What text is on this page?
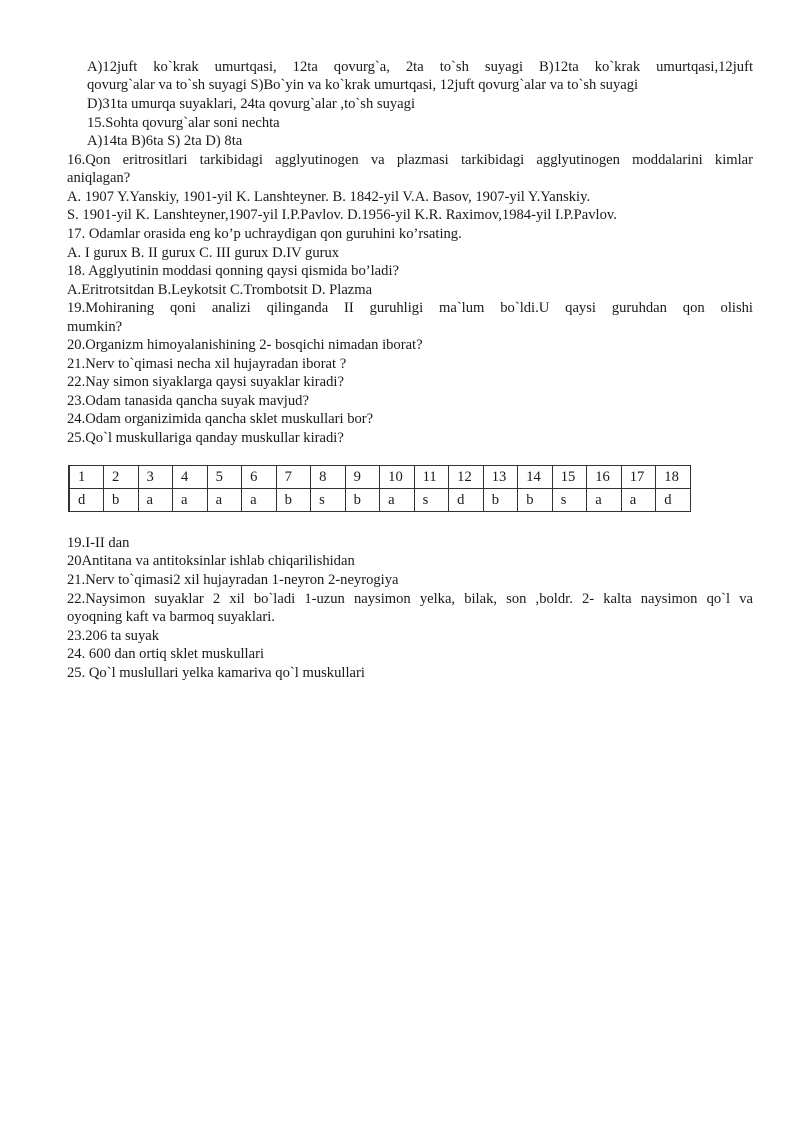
A)12juft ko`krak umurtqasi, 12ta qovurg`a, 2ta to`sh suyagi B)12ta ko`krak umurtqasi,12juft
qovurg`alar va to`sh suyagi S)Bo`yin va ko`krak umurtqasi, 12juft qovurg`alar va to`sh suyagi
D)31ta umurqa suyaklari, 24ta qovurg`alar ,to`sh suyagi
15.Sohta qovurg`alar soni nechta
A)14ta B)6ta S) 2ta D) 8ta
16.Qon eritrositlari tarkibidagi agglyutinogen va plazmasi tarkibidagi agglyutinogen moddalarini kimlar
aniqlagan?
A. 1907 Y.Yanskiy, 1901-yil K. Lanshteyner. B. 1842-yil V.A. Basov, 1907-yil Y.Yanskiy.
S. 1901-yil K. Lanshteyner,1907-yil I.P.Pavlov. D.1956-yil K.R. Raximov,1984-yil I.P.Pavlov.
17. Odamlar orasida eng ko’p uchraydigan qon guruhini ko’rsating.
A. I gurux B. II gurux C. III gurux D.IV gurux
18. Agglyutinin moddasi qonning qaysi qismida bo’ladi?
A.Eritrotsitdan B.Leykotsit C.Trombotsit D. Plazma
19.Mohiraning qoni analizi qilinganda II guruhligi ma`lum bo`ldi.U qaysi guruhdan qon olishi
mumkin?
20.Organizm himoyalanishining 2- bosqichi nimadan iborat?
21.Nerv to`qimasi necha xil hujayradan iborat ?
22.Nay simon siyaklarga qaysi suyaklar kiradi?
23.Odam tanasida qancha suyak mavjud?
24.Odam organizimida qancha sklet muskullari bor?
25.Qo`l muskullariga qanday muskullar kiradi?
1	2	3	4	5	6	7	8	9	10	11	12	13	14	15	16	17	18
d	b	a	a	a	a	b	s	b	a	s	d	b	b	s	a	a	d
19.I-II dan
20Antitana va antitoksinlar ishlab chiqarilishidan
21.Nerv to`qimasi2 xil hujayradan 1-neyron 2-neyrogiya
22.Naysimon suyaklar 2 xil bo`ladi 1-uzun naysimon yelka, bilak, son ,boldr. 2- kalta naysimon qo`l va
oyoqning kaft va barmoq suyaklari.
23.206 ta suyak
24. 600 dan ortiq sklet muskullari
25. Qo`l muslullari yelka kamariva qo`l muskullari
